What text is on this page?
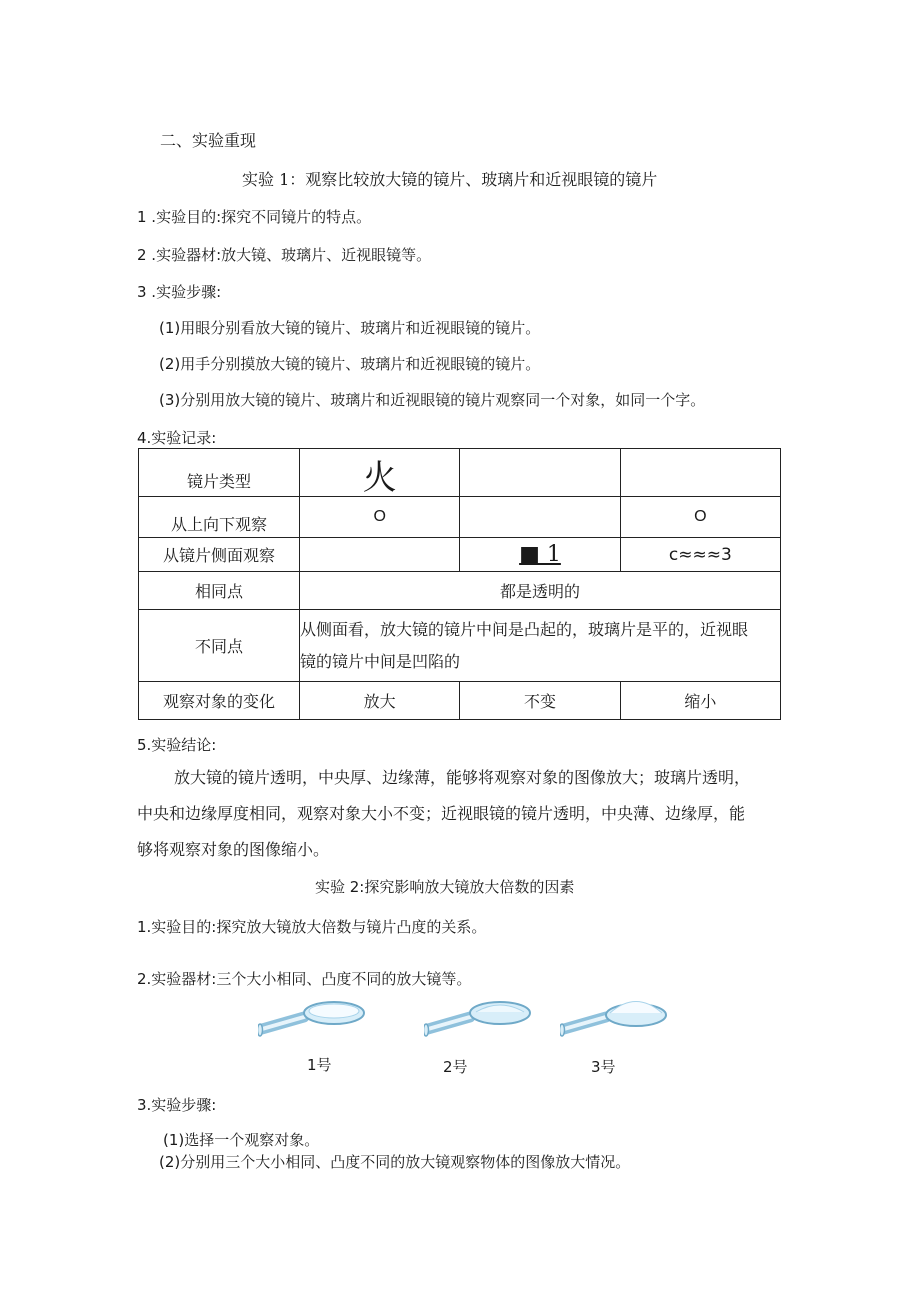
二、实验重现
实验 1：观察比较放大镜的镜片、玻璃片和近视眼镜的镜片
1 .实验目的:探究不同镜片的特点。
2 .实验器材:放大镜、玻璃片、近视眼镜等。
3 .实验步骤:
(1)用眼分别看放大镜的镜片、玻璃片和近视眼镜的镜片。
(2)用手分别摸放大镜的镜片、玻璃片和近视眼镜的镜片。
(3)分别用放大镜的镜片、玻璃片和近视眼镜的镜片观察同一个对象，如同一个字。
4.实验记录:
镜片类型	火		
从上向下观察	O		O
从镜片侧面观察		■ 1	c≈≈≈3
相同点	都是透明的		
不同点	从侧面看，放大镜的镜片中间是凸起的，玻璃片是平的，近视眼
镜的镜片中间是凹陷的		

观察对象的变化	放大	不变	缩小
5.实验结论:
放大镜的镜片透明，中央厚、边缘薄，能够将观察对象的图像放大；玻璃片透明，
中央和边缘厚度相同，观察对象大小不变；近视眼镜的镜片透明，中央薄、边缘厚，能
够将观察对象的图像缩小。
实验 2:探究影响放大镜放大倍数的因素
1.实验目的:探究放大镜放大倍数与镜片凸度的关系。
2.实验器材:三个大小相同、凸度不同的放大镜等。
1号	2号	3号
3.实验步骤:
(1)选择一个观察对象。
(2)分别用三个大小相同、凸度不同的放大镜观察物体的图像放大情况。
